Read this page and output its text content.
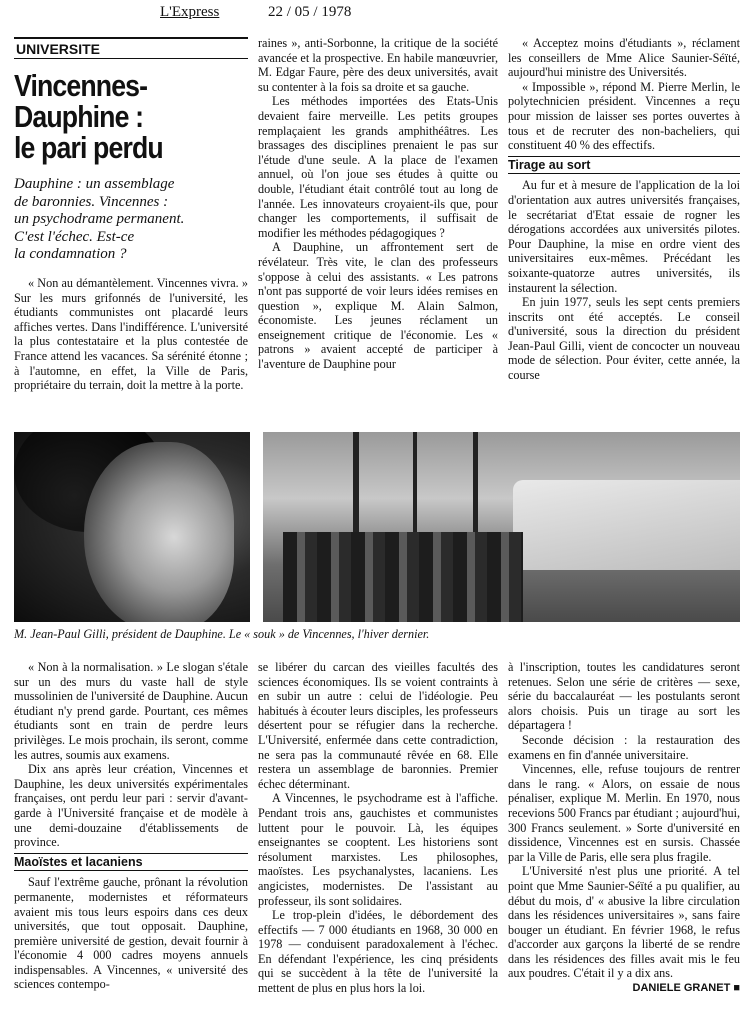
L'Express	22 / 05 / 1978
UNIVERSITE
Vincennes-
Dauphine :
le pari perdu
Dauphine : un assemblage
de baronnies. Vincennes :
un psychodrame permanent.
C'est l'échec. Est-ce
la condamnation ?

« Non au démantèlement. Vincennes vivra. » Sur les murs grifonnés de l'université, les étudiants communistes ont placardé leurs affiches vertes. Dans l'indifférence. L'université la plus contestataire et la plus contestée de France attend les vacances. Sa sérénité étonne ; à l'automne, en effet, la Ville de Paris, propriétaire du terrain, doit la mettre à la porte.

raines », anti-Sorbonne, la critique de la société avancée et la prospective. En habile manœuvrier, M. Edgar Faure, père des deux universités, avait su contenter à la fois sa droite et sa gauche.

Les méthodes importées des Etats-Unis devaient faire merveille. Les petits groupes remplaçaient les grands amphithéâtres. Les brassages des disciplines prenaient le pas sur l'étude d'une seule. A la place de l'examen annuel, où l'on joue ses études à quitte ou double, l'étudiant était contrôlé tout au long de l'année. Les innovateurs croyaient-ils que, pour changer les comportements, il suffisait de modifier les méthodes pédagogiques ?

A Dauphine, un affrontement sert de révélateur. Très vite, le clan des professeurs s'oppose à celui des assistants. « Les patrons n'ont pas supporté de voir leurs idées remises en question », explique M. Alain Salmon, économiste. Les jeunes réclament un enseignement critique de l'économie. Les « patrons » avaient accepté de participer à l'aventure de Dauphine pour

« Acceptez moins d'étudiants », réclament les conseillers de Mme Alice Saunier-Séïté, aujourd'hui ministre des Universités.

« Impossible », répond M. Pierre Merlin, le polytechnicien président. Vincennes a reçu pour mission de laisser ses portes ouvertes à tous et de recruter des non-bacheliers, qui constituent 40 % des effectifs.

Tirage au sort

Au fur et à mesure de l'application de la loi d'orientation aux autres universités françaises, le secrétariat d'Etat essaie de rogner les dérogations accordées aux universités pilotes. Pour Dauphine, la mise en ordre vient des universitaires eux-mêmes. Précédant les soixante-quatorze autres universités, ils instaurent la sélection.

En juin 1977, seuls les sept cents premiers inscrits ont été acceptés. Le conseil d'université, sous la direction du président Jean-Paul Gilli, vient de concocter un nouveau mode de sélection. Pour éviter, cette année, la course

M. Jean-Paul Gilli, président de Dauphine. Le « souk » de Vincennes, l'hiver dernier.

« Non à la normalisation. » Le slogan s'étale sur un des murs du vaste hall de style mussolinien de l'université de Dauphine. Aucun étudiant n'y prend garde. Pourtant, ces mêmes étudiants sont en train de perdre leurs privilèges. Le mois prochain, ils seront, comme les autres, soumis aux examens.

Dix ans après leur création, Vincennes et Dauphine, les deux universités expérimentales françaises, ont perdu leur pari : servir d'avant-garde à l'Université française et de modèle à une demi-douzaine d'établissements de province.

Maoïstes et lacaniens

Sauf l'extrême gauche, prônant la révolution permanente, modernistes et réformateurs avaient mis tous leurs espoirs dans ces deux universités, que tout opposait. Dauphine, première université de gestion, devait fournir à l'économie 4 000 cadres moyens annuels indispensables. A Vincennes, « université des sciences contempo-

se libérer du carcan des vieilles facultés des sciences économiques. Ils se voient contraints à en subir un autre : celui de l'idéologie. Peu habitués à écouter leurs disciples, les professeurs désertent pour se réfugier dans la recherche. L'Université, enfermée dans cette contradiction, ne sera pas la communauté rêvée en 68. Elle restera un assemblage de baronnies. Premier échec déterminant.

A Vincennes, le psychodrame est à l'affiche. Pendant trois ans, gauchistes et communistes luttent pour le pouvoir. Là, les équipes enseignantes se cooptent. Les historiens sont résolument marxistes. Les philosophes, maoïstes. Les psychanalystes, lacaniens. Les angicistes, modernistes. De l'assistant au professeur, ils sont solidaires.

Le trop-plein d'idées, le débordement des effectifs — 7 000 étudiants en 1968, 30 000 en 1978 — conduisent paradoxalement à l'échec. En défendant l'expérience, les cinq présidents qui se succèdent à la tête de l'université la mettent de plus en plus hors la loi.

à l'inscription, toutes les candidatures seront retenues. Selon une série de critères — sexe, série du baccalauréat — les postulants seront alors choisis. Puis un tirage au sort les départagera !

Seconde décision : la restauration des examens en fin d'année universitaire.

Vincennes, elle, refuse toujours de rentrer dans le rang. « Alors, on essaie de nous pénaliser, explique M. Merlin. En 1970, nous recevions 500 Francs par étudiant ; aujourd'hui, 300 Francs seulement. » Sorte d'université en dissidence, Vincennes est en sursis. Chassée par la Ville de Paris, elle sera plus fragile.

L'Université n'est plus une priorité. A tel point que Mme Saunier-Séïté a pu qualifier, au début du mois, d' « abusive la libre circulation dans les résidences universitaires », sans faire bouger un étudiant. En février 1968, le refus d'accorder aux garçons la liberté de se rendre dans les résidences des filles avait mis le feu aux poudres. C'était il y a dix ans.

DANIELE GRANET ■
